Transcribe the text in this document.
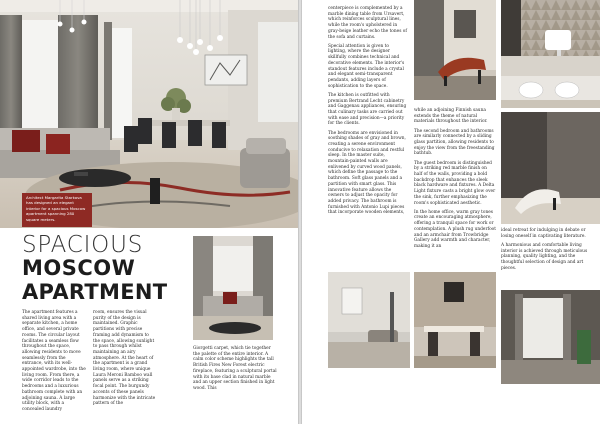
Architect Margarita Starkova has designed an elegant interior for a spacious Moscow apartment spanning 280 square meters.
SPACIOUS
MOSCOW
APARTMENT
The apartment features a shared living area with a separate kitchen, a home office, and several private rooms. The circular layout facilitates a seamless flow throughout the space, allowing residents to move seamlessly from the entrance, with its well-appointed wardrobe, into the living room. From there, a wide corridor leads to the bedrooms and a luxurious bathroom complete with an adjoining sauna. A large utility block, with a concealed laundry
room, ensures the visual purity of the design is maintained. Graphic partitions with precise framing add dynamism to the space, allowing sunlight to pass through whilst maintaining an airy atmosphere. At the heart of the apartment is a grand living room, where unique Laura Meroni Bamboo wall panels serve as a striking focal point. The burgundy accents of these panels harmonize with the intricate pattern of the
Giorgetti carpet, which tie together the palette of the entire interior. A calm color scheme highlights the tall British Fires New Forest electric fireplace, featuring a sculptural portal with its base clad in natural marble and an upper section finished in light wood. This

centerpiece is complemented by a marble dining table from Ursavert, which reinforces sculptural lines, while the room's upholstered in gray-beige leather echo the tones of the sofa and curtains.

Special attention is given to lighting, where the designer skillfully combines technical and decorative elements. The interior's standout features include a crystal and elegant semi-transparent pendants, adding layers of sophistication to the space.

The kitchen is outfitted with premium Bertrand Lecht cabinetry and Gaggenau appliances, ensuring that culinary tasks are carried out with ease and precision—a priority for the clients.

The bedrooms are envisioned in soothing shades of gray and brown, creating a serene environment conducive to relaxation and restful sleep. In the master suite, mountain-painted walls are enlivened by curved wood panels, which define the passage to the bathroom. Soft glass panels and a partition with smart glass. This innovative feature allows the owners to adjust the opacity for added privacy. The bathroom is furnished with Antonio Lupi pieces that incorporate wooden elements,

while an adjoining Finnish sauna extends the theme of natural materials throughout the interior.

The second bedroom and bathrooms are similarly connected by a sliding glass partition, allowing residents to enjoy the view from the freestanding bathtub.

The guest bedroom is distinguished by a striking red marble finish on half of the walls, providing a bold backdrop that enhances the sleek black hardware and fixtures. A Delta Light fixture casts a bright glow over the sink, further emphasizing the room's sophisticated aesthetic.

In the home office, warm gray tones create an encouraging atmosphere, offering a tranquil space for work or contemplation. A plush rug underfoot and an armchair from Trowbridge Gallery add warmth and character, making it an

ideal retreat for indulging in debate or losing oneself in captivating literature.

A harmonious and comfortable living interior is achieved through meticulous planning, quality lighting, and the thoughtful selection of design and art pieces.
